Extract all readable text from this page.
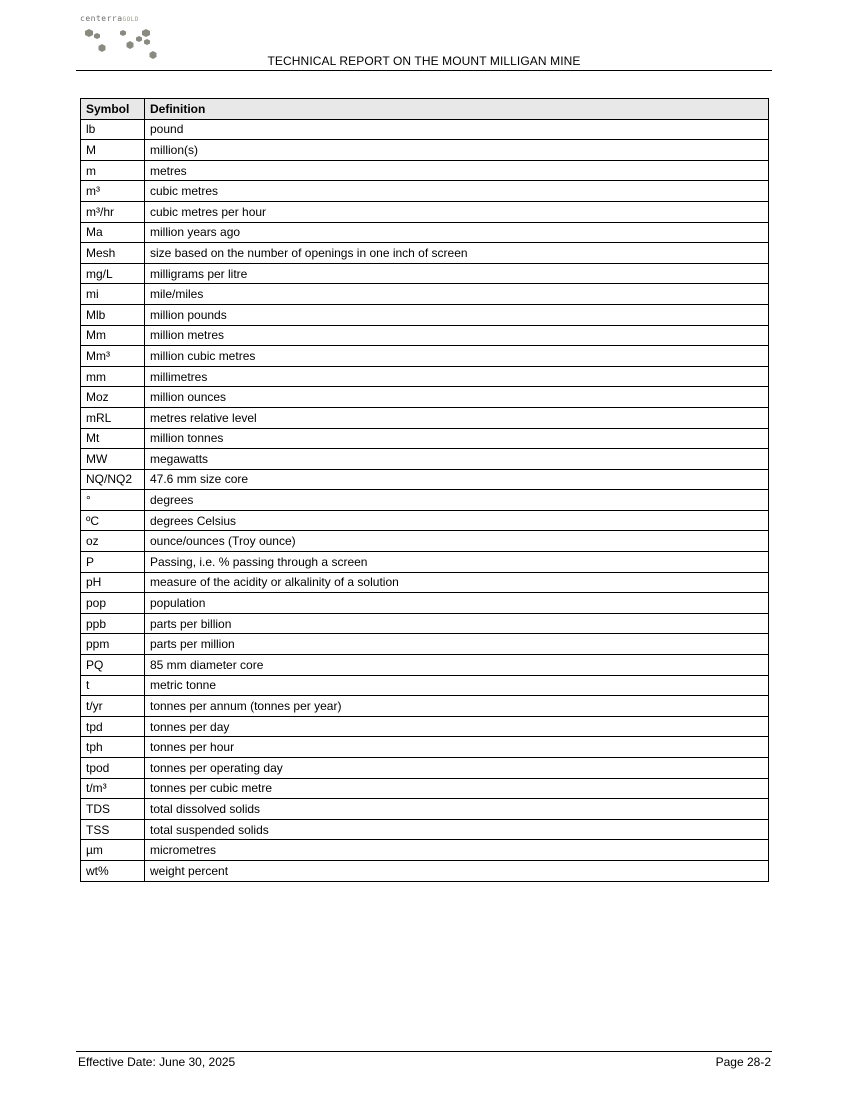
centerraGOLD
TECHNICAL REPORT ON THE MOUNT MILLIGAN MINE
Symbol	Definition
lb	pound
M	million(s)
m	metres
m³	cubic metres
m³/hr	cubic metres per hour
Ma	million years ago
Mesh	size based on the number of openings in one inch of screen
mg/L	milligrams per litre
mi	mile/miles
Mlb	million pounds
Mm	million metres
Mm³	million cubic metres
mm	millimetres
Moz	million ounces
mRL	metres relative level
Mt	million tonnes
MW	megawatts
NQ/NQ2	47.6 mm size core
°	degrees
ºC	degrees Celsius
oz	ounce/ounces (Troy ounce)
P	Passing, i.e. % passing through a screen
pH	measure of the acidity or alkalinity of a solution
pop	population
ppb	parts per billion
ppm	parts per million
PQ	85 mm diameter core
t	metric tonne
t/yr	tonnes per annum (tonnes per year)
tpd	tonnes per day
tph	tonnes per hour
tpod	tonnes per operating day
t/m³	tonnes per cubic metre
TDS	total dissolved solids
TSS	total suspended solids
µm	micrometres
wt%	weight percent
Effective Date: June 30, 2025	Page 28-2
